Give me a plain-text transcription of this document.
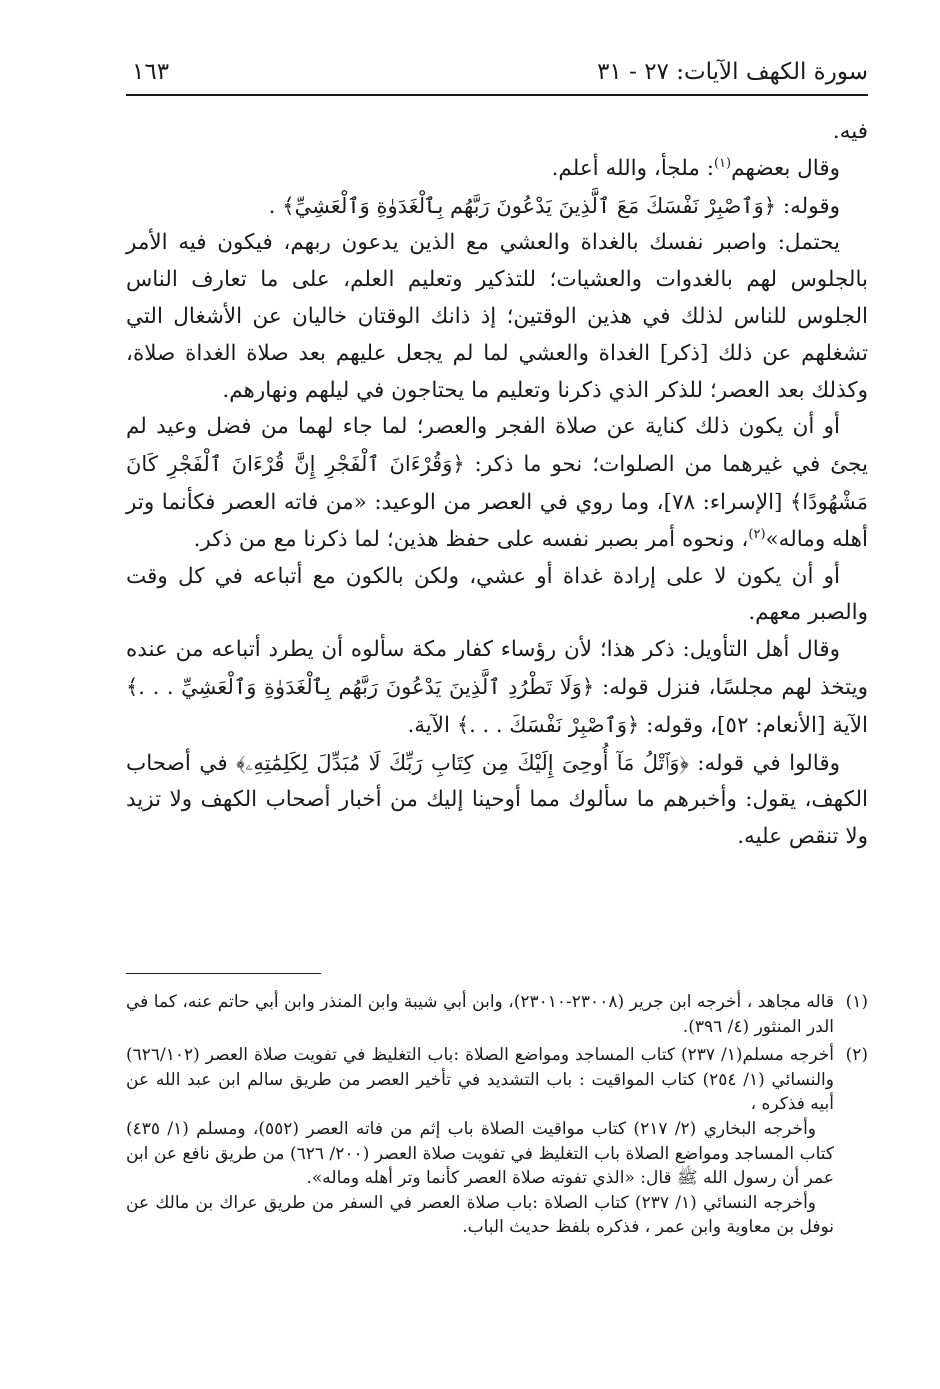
سورة الكهف الآيات: ٢٧ - ٣١
١٦٣

فيه.

وقال بعضهم$^{(١)}$: ملجأ، والله أعلم.

وقوله: ﴿وَٱصْبِرْ نَفْسَكَ مَعَ ٱلَّذِينَ يَدْعُونَ رَبَّهُم بِٱلْغَدَوٰةِ وَٱلْعَشِيِّ﴾ .

يحتمل: واصبر نفسك بالغداة والعشي مع الذين يدعون ربهم، فيكون فيه الأمر بالجلوس لهم بالغدوات والعشيات؛ للتذكير وتعليم العلم، على ما تعارف الناس الجلوس للناس لذلك في هذين الوقتين؛ إذ ذانك الوقتان خاليان عن الأشغال التي تشغلهم عن ذلك [ذكر] الغداة والعشي لما لم يجعل عليهم بعد صلاة الغداة صلاة، وكذلك بعد العصر؛ للذكر الذي ذكرنا وتعليم ما يحتاجون في ليلهم ونهارهم.

أو أن يكون ذلك كناية عن صلاة الفجر والعصر؛ لما جاء لهما من فضل وعيد لم يجئ في غيرهما من الصلوات؛ نحو ما ذكر: ﴿وَقُرْءَانَ ٱلْفَجْرِ إِنَّ قُرْءَانَ ٱلْفَجْرِ كَانَ مَشْهُودًا﴾ [الإسراء: ٧٨]، وما روي في العصر من الوعيد: «من فاته العصر فكأنما وتر أهله وماله»$^{(٢)}$، ونحوه أمر بصبر نفسه على حفظ هذين؛ لما ذكرنا مع من ذكر.

أو أن يكون لا على إرادة غداة أو عشي، ولكن بالكون مع أتباعه في كل وقت والصبر معهم.

وقال أهل التأويل: ذكر هذا؛ لأن رؤساء كفار مكة سألوه أن يطرد أتباعه من عنده ويتخذ لهم مجلسًا، فنزل قوله: ﴿وَلَا تَطْرُدِ ٱلَّذِينَ يَدْعُونَ رَبَّهُم بِٱلْغَدَوٰةِ وَٱلْعَشِيِّ . . .﴾ الآية [الأنعام: ٥٢]، وقوله: ﴿وَٱصْبِرْ نَفْسَكَ . . .﴾ الآية.

وقالوا في قوله: ﴿وَٱتْلُ مَآ أُوحِىَ إِلَيْكَ مِن كِتَابِ رَبِّكَ لَا مُبَدِّلَ لِكَلِمَٰتِهِۦ﴾ في أصحاب الكهف، يقول: وأخبرهم ما سألوك مما أوحينا إليك من أخبار أصحاب الكهف ولا تزيد ولا تنقص عليه.

(١)

قاله مجاهد ، أخرجه ابن جرير (٢٣٠٠٨-٢٣٠١٠)، وابن أبي شيبة وابن المنذر وابن أبي حاتم عنه، كما في الدر المنثور (٤/ ٣٩٦).

(٢)

أخرجه مسلم(١/ ٢٣٧) كتاب المساجد ومواضع الصلاة :باب التغليظ في تفويت صلاة العصر (٦٢٦/١٠٢) والنسائي (١/ ٢٥٤) كتاب المواقيت : باب التشديد في تأخير العصر من طريق سالم ابن عبد الله عن أبيه فذكره ،

وأخرجه البخاري (٢/ ٢١٧) كتاب مواقيت الصلاة باب إثم من فاته العصر (٥٥٢)، ومسلم (١/ ٤٣٥) كتاب المساجد ومواضع الصلاة باب التغليظ في تفويت صلاة العصر (٢٠٠/ ٦٢٦) من طريق نافع عن ابن عمر أن رسول الله ﷺ قال: «الذي تفوته صلاة العصر كأنما وتر أهله وماله».

وأخرجه النسائي (١/ ٢٣٧) كتاب الصلاة :باب صلاة العصر في السفر من طريق عراك بن مالك عن نوفل بن معاوية وابن عمر ، فذكره بلفظ حديث الباب.
